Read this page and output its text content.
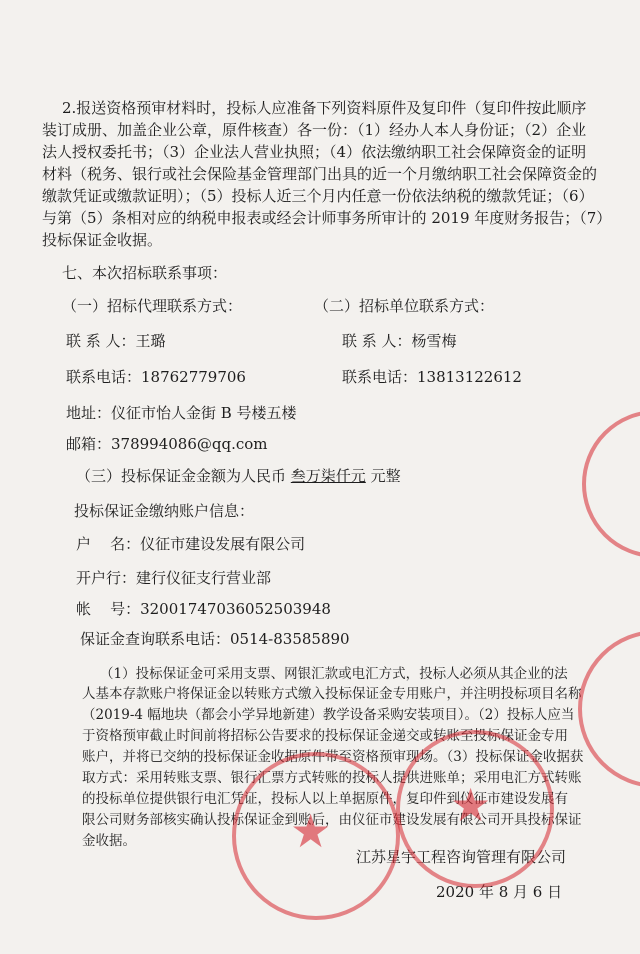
2.报送资格预审材料时，投标人应准备下列资料原件及复印件（复印件按此顺序
装订成册、加盖企业公章，原件核查）各一份：（1）经办人本人身份证；（2）企业
法人授权委托书；（3）企业法人营业执照；（4）依法缴纳职工社会保障资金的证明
材料（税务、银行或社会保险基金管理部门出具的近一个月缴纳职工社会保障资金的
缴款凭证或缴款证明）；（5）投标人近三个月内任意一份依法纳税的缴款凭证；（6）
与第（5）条相对应的纳税申报表或经会计师事务所审计的 2019 年度财务报告；（7）
投标保证金收据。
七、本次招标联系事项：
（一）招标代理联系方式：	（二）招标单位联系方式：
联 系 人：王璐	联 系 人：杨雪梅
联系电话：18762779706	联系电话：13813122612
地址：仪征市怡人金街 B 号楼五楼
邮箱：378994086@qq.com
（三）投标保证金金额为人民币 叁万柒仟元 元整
投标保证金缴纳账户信息：
户    名：仪征市建设发展有限公司
开户行：建行仪征支行营业部
帐    号：32001747036052503948
保证金查询联系电话：0514-83585890
（1）投标保证金可采用支票、网银汇款或电汇方式，投标人必须从其企业的法
人基本存款账户将保证金以转账方式缴入投标保证金专用账户，并注明投标项目名称
（2019-4 幅地块（都会小学异地新建）教学设备采购安装项目）。（2）投标人应当
于资格预审截止时间前将招标公告要求的投标保证金递交或转账至投标保证金专用
账户，并将已交纳的投标保证金收据原件带至资格预审现场。（3）投标保证金收据获
取方式：采用转账支票、银行汇票方式转账的投标人提供进账单；采用电汇方式转账
的投标单位提供银行电汇凭证，投标人以上单据原件，复印件到仪征市建设发展有
限公司财务部核实确认投标保证金到账后，由仪征市建设发展有限公司开具投标保证
金收据。
江苏星宇工程咨询管理有限公司
2020 年 8 月 6 日
★	★
